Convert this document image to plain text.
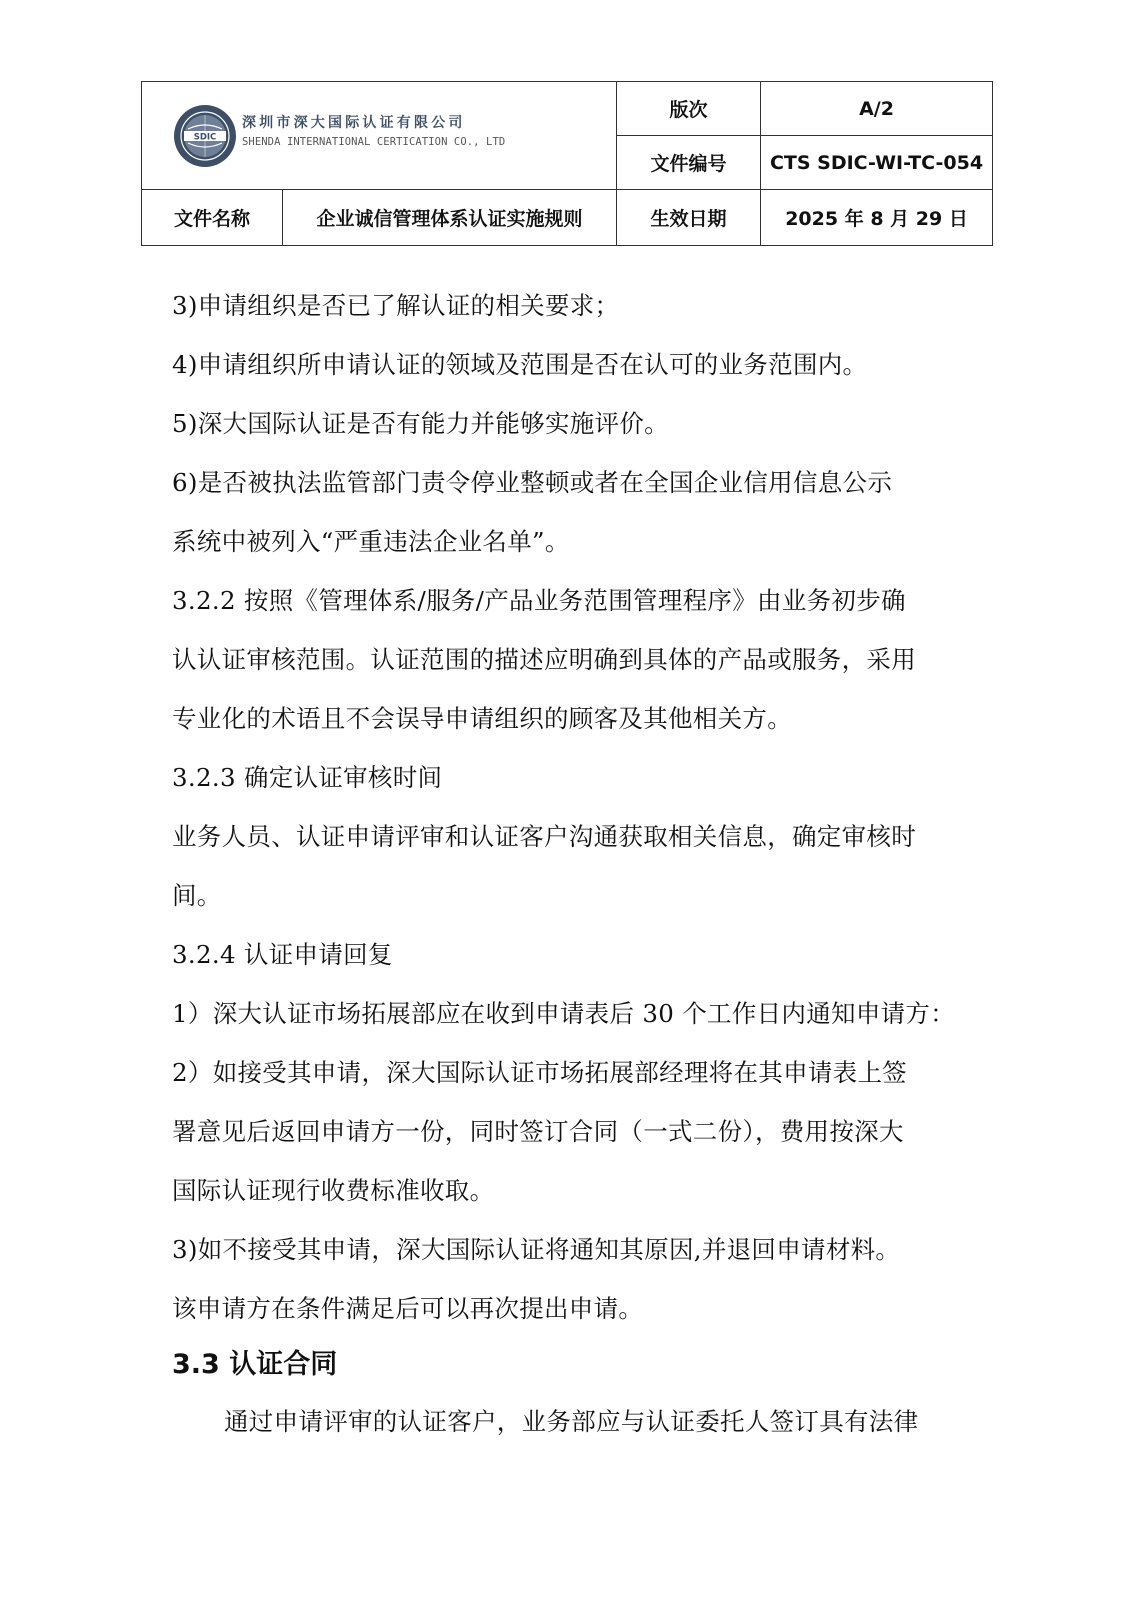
SDIC
深圳市深大国际认证有限公司
SHENDA INTERNATIONAL CERTICATION CO., LTD		版次	A/2
		文件编号	CTS SDIC-WI-TC-054
文件名称	企业诚信管理体系认证实施规则	生效日期	2025 年 8 月 29 日
3)申请组织是否已了解认证的相关要求；
4)申请组织所申请认证的领域及范围是否在认可的业务范围内。
5)深大国际认证是否有能力并能够实施评价。
6)是否被执法监管部门责令停业整顿或者在全国企业信用信息公示
系统中被列入“严重违法企业名单”。
3.2.2 按照《管理体系/服务/产品业务范围管理程序》由业务初步确
认认证审核范围。认证范围的描述应明确到具体的产品或服务，采用
专业化的术语且不会误导申请组织的顾客及其他相关方。
3.2.3 确定认证审核时间
业务人员、认证申请评审和认证客户沟通获取相关信息，确定审核时
间。
3.2.4 认证申请回复
1）深大认证市场拓展部应在收到申请表后 30 个工作日内通知申请方：
2）如接受其申请，深大国际认证市场拓展部经理将在其申请表上签
署意见后返回申请方一份，同时签订合同（一式二份），费用按深大
国际认证现行收费标准收取。
3)如不接受其申请，深大国际认证将通知其原因,并退回申请材料。
该申请方在条件满足后可以再次提出申请。
3.3 认证合同
通过申请评审的认证客户，业务部应与认证委托人签订具有法律
